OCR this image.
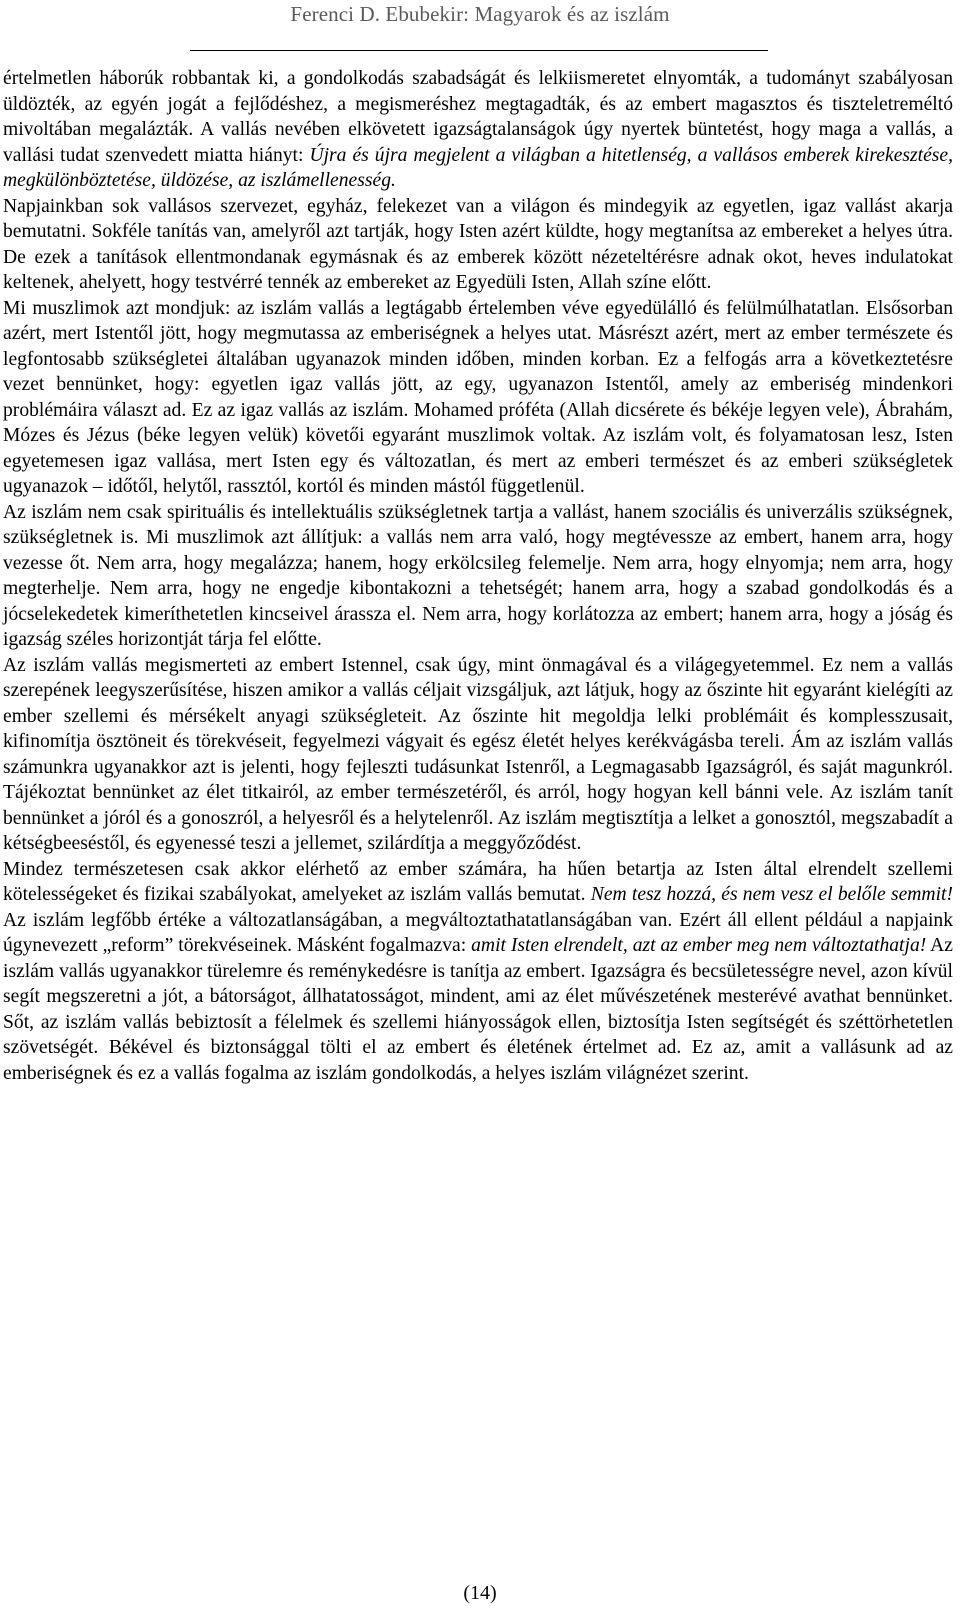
Ferenci D. Ebubekir: Magyarok és az iszlám

értelmetlen háborúk robbantak ki, a gondolkodás szabadságát és lelkiismeretet elnyomták, a tudományt szabályosan üldözték, az egyén jogát a fejlődéshez, a megismeréshez megtagadták, és az embert magasztos és tiszteletreméltó mivoltában megalázták. A vallás nevében elkövetett igazságtalanságok úgy nyertek büntetést, hogy maga a vallás, a vallási tudat szenvedett miatta hiányt: Újra és újra megjelent a világban a hitetlenség, a vallásos emberek kirekesztése, megkülönböztetése, üldözése, az iszlámellenesség.

Napjainkban sok vallásos szervezet, egyház, felekezet van a világon és mindegyik az egyetlen, igaz vallást akarja bemutatni. Sokféle tanítás van, amelyről azt tartják, hogy Isten azért küldte, hogy megtanítsa az embereket a helyes útra. De ezek a tanítások ellentmondanak egymásnak és az emberek között nézeteltérésre adnak okot, heves indulatokat keltenek, ahelyett, hogy testvérré tennék az embereket az Egyedüli Isten, Allah színe előtt.

Mi muszlimok azt mondjuk: az iszlám vallás a legtágabb értelemben véve egyedülálló és felülmúlhatatlan. Elsősorban azért, mert Istentől jött, hogy megmutassa az emberiségnek a helyes utat. Másrészt azért, mert az ember természete és legfontosabb szükségletei általában ugyanazok minden időben, minden korban. Ez a felfogás arra a következtetésre vezet bennünket, hogy: egyetlen igaz vallás jött, az egy, ugyanazon Istentől, amely az emberiség mindenkori problémáira választ ad. Ez az igaz vallás az iszlám. Mohamed próféta (Allah dicsérete és békéje legyen vele), Ábrahám, Mózes és Jézus (béke legyen velük) követői egyaránt muszlimok voltak. Az iszlám volt, és folyamatosan lesz, Isten egyetemesen igaz vallása, mert Isten egy és változatlan, és mert az emberi természet és az emberi szükségletek ugyanazok – időtől, helytől, rassztól, kortól és minden mástól függetlenül.

Az iszlám nem csak spirituális és intellektuális szükségletnek tartja a vallást, hanem szociális és univerzális szükségnek, szükségletnek is. Mi muszlimok azt állítjuk: a vallás nem arra való, hogy megtévessze az embert, hanem arra, hogy vezesse őt. Nem arra, hogy megalázza; hanem, hogy erkölcsileg felemelje. Nem arra, hogy elnyomja; nem arra, hogy megterhelje. Nem arra, hogy ne engedje kibontakozni a tehetségét; hanem arra, hogy a szabad gondolkodás és a jócselekedetek kimeríthetetlen kincseivel árassza el. Nem arra, hogy korlátozza az embert; hanem arra, hogy a jóság és igazság széles horizontját tárja fel előtte.

Az iszlám vallás megismerteti az embert Istennel, csak úgy, mint önmagával és a világegyetemmel. Ez nem a vallás szerepének leegyszerűsítése, hiszen amikor a vallás céljait vizsgáljuk, azt látjuk, hogy az őszinte hit egyaránt kielégíti az ember szellemi és mérsékelt anyagi szükségleteit. Az őszinte hit megoldja lelki problémáit és komplesszusait, kifinomítja ösztöneit és törekvéseit, fegyelmezi vágyait és egész életét helyes kerékvágásba tereli. Ám az iszlám vallás számunkra ugyanakkor azt is jelenti, hogy fejleszti tudásunkat Istenről, a Legmagasabb Igazságról, és saját magunkról. Tájékoztat bennünket az élet titkairól, az ember természetéről, és arról, hogy hogyan kell bánni vele. Az iszlám tanít bennünket a jóról és a gonoszról, a helyesről és a helytelenről. Az iszlám megtisztítja a lelket a gonosztól, megszabadít a kétségbeeséstől, és egyenessé teszi a jellemet, szilárdítja a meggyőződést.

Mindez természetesen csak akkor elérhető az ember számára, ha hűen betartja az Isten által elrendelt szellemi kötelességeket és fizikai szabályokat, amelyeket az iszlám vallás bemutat. Nem tesz hozzá, és nem vesz el belőle semmit! Az iszlám legfőbb értéke a változatlanságában, a megváltoztathatatlanságában van. Ezért áll ellent például a napjaink úgynevezett „reform” törekvéseinek. Másként fogalmazva: amit Isten elrendelt, azt az ember meg nem változtathatja! Az iszlám vallás ugyanakkor türelemre és reménykedésre is tanítja az embert. Igazságra és becsületességre nevel, azon kívül segít megszeretni a jót, a bátorságot, állhatatosságot, mindent, ami az élet művészetének mesterévé avathat bennünket. Sőt, az iszlám vallás bebiztosít a félelmek és szellemi hiányosságok ellen, biztosítja Isten segítségét és széttörhetetlen szövetségét. Békével és biztonsággal tölti el az embert és életének értelmet ad. Ez az, amit a vallásunk ad az emberiségnek és ez a vallás fogalma az iszlám gondolkodás, a helyes iszlám világnézet szerint.

(14)
